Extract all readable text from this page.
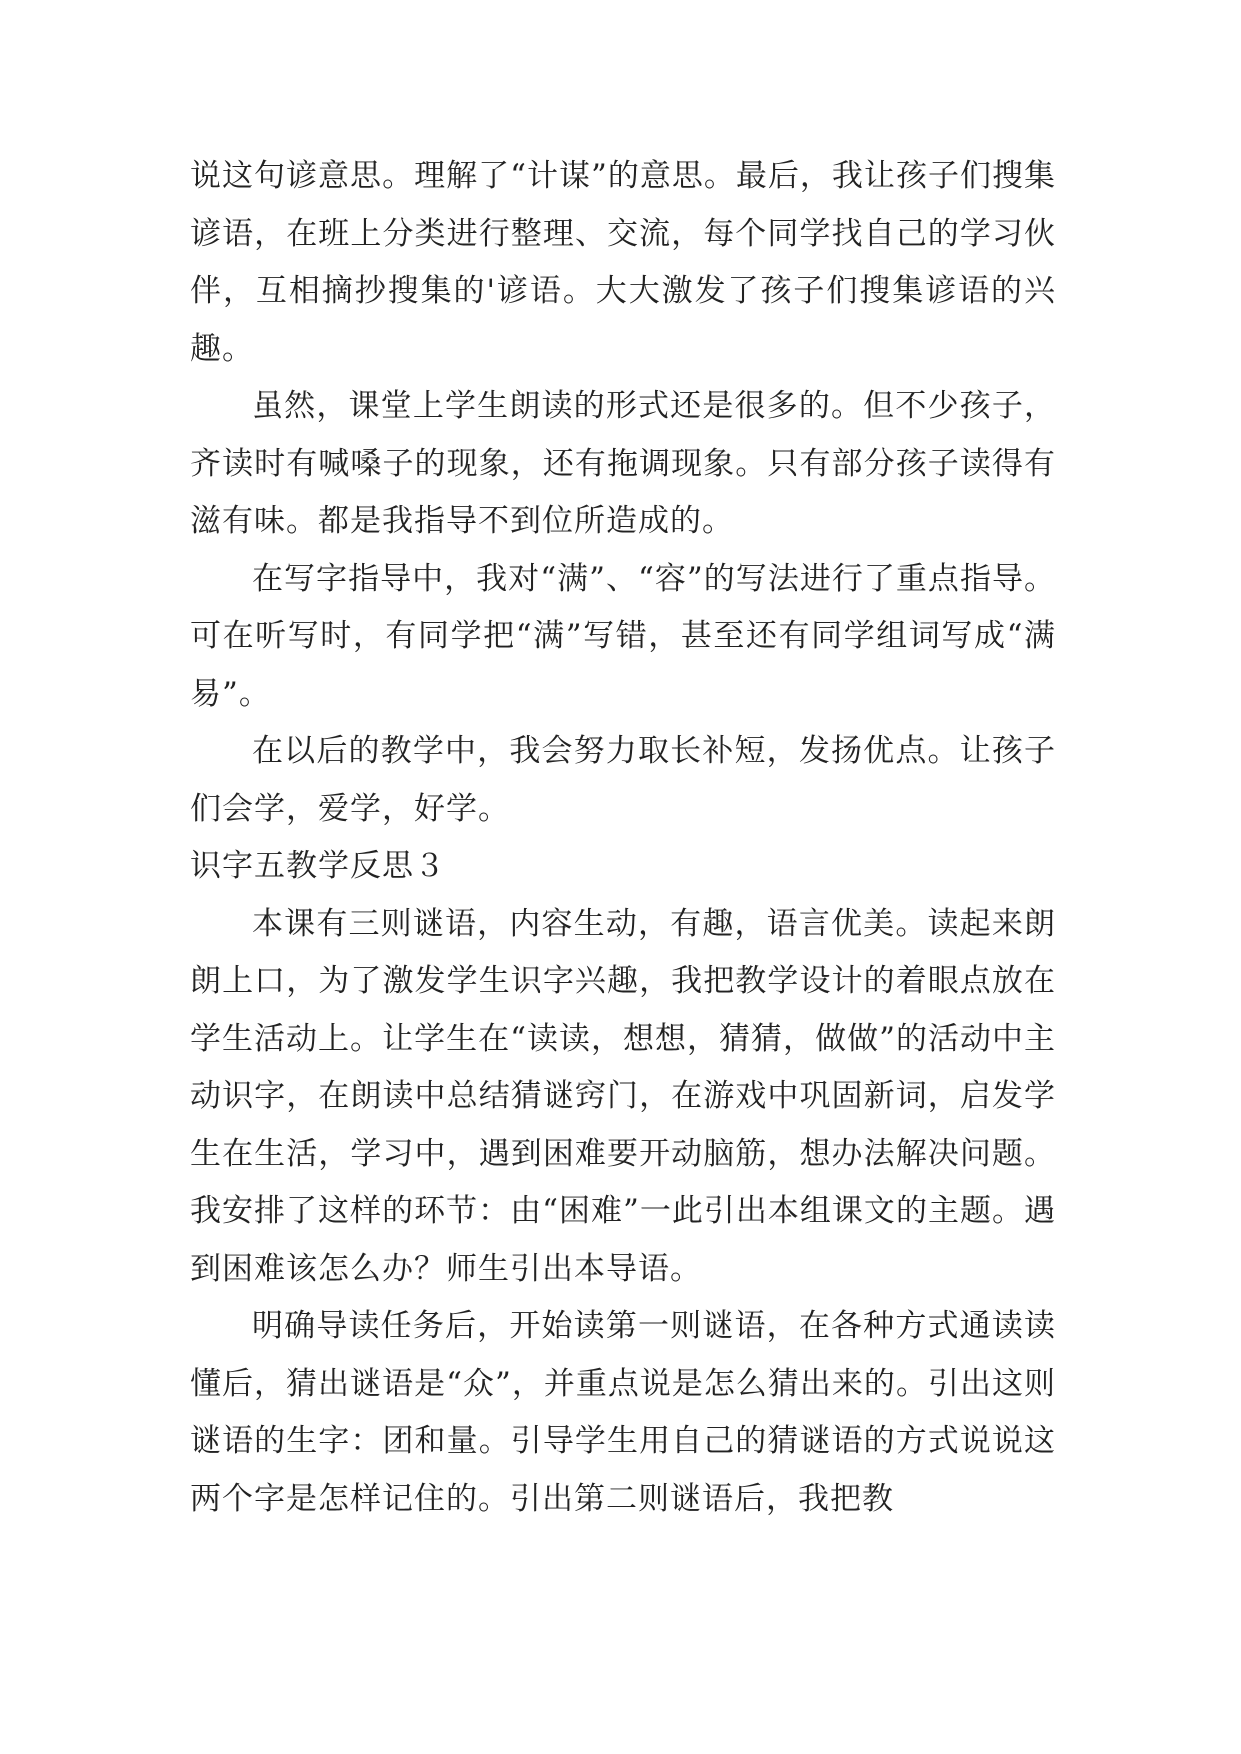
说这句谚意思。理解了“计谋”的意思。最后，我让孩子们搜集谚语，在班上分类进行整理、交流，每个同学找自己的学习伙伴，互相摘抄搜集的'谚语。大大激发了孩子们搜集谚语的兴趣。

虽然，课堂上学生朗读的形式还是很多的。但不少孩子，齐读时有喊嗓子的现象，还有拖调现象。只有部分孩子读得有滋有味。都是我指导不到位所造成的。

在写字指导中，我对“满”、“容”的写法进行了重点指导。可在听写时，有同学把“满”写错，甚至还有同学组词写成“满易”。

在以后的教学中，我会努力取长补短，发扬优点。让孩子们会学，爱学，好学。

识字五教学反思３

本课有三则谜语，内容生动，有趣，语言优美。读起来朗朗上口，为了激发学生识字兴趣，我把教学设计的着眼点放在学生活动上。让学生在“读读，想想，猜猜，做做”的活动中主动识字，在朗读中总结猜谜窍门，在游戏中巩固新词，启发学生在生活，学习中，遇到困难要开动脑筋，想办法解决问题。我安排了这样的环节：由“困难”一此引出本组课文的主题。遇到困难该怎么办？师生引出本导语。

明确导读任务后，开始读第一则谜语，在各种方式通读读懂后，猜出谜语是“众”，并重点说是怎么猜出来的。引出这则谜语的生字：团和量。引导学生用自己的猜谜语的方式说说这两个字是怎样记住的。引出第二则谜语后，我把教
